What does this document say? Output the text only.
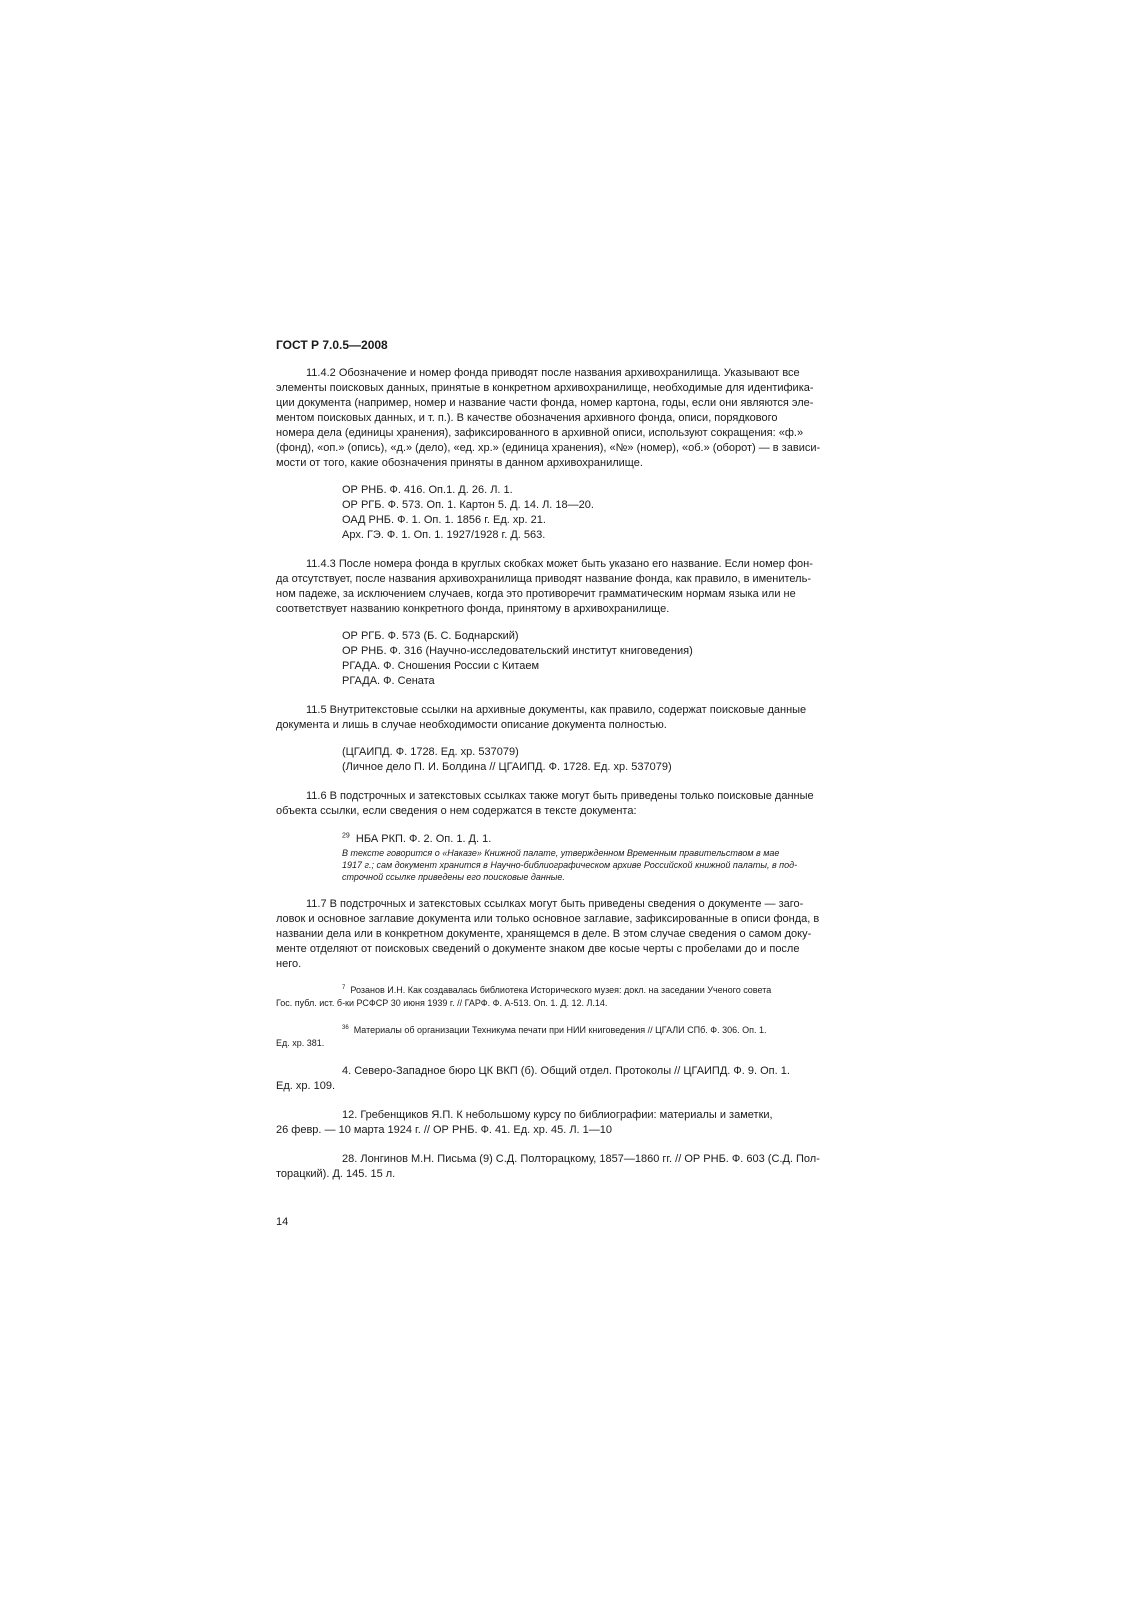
ГОСТ Р 7.0.5—2008

11.4.2 Обозначение и номер фонда приводят после названия архивохранилища. Указывают все
элементы поисковых данных, принятые в конкретном архивохранилище, необходимые для идентифика-
ции документа (например, номер и название части фонда, номер картона, годы, если они являются эле-
ментом поисковых данных, и т. п.). В качестве обозначения архивного фонда, описи, порядкового
номера дела (единицы хранения), зафиксированного в архивной описи, используют сокращения: «ф.»
(фонд), «оп.» (опись), «д.» (дело), «ед. хр.» (единица хранения), «№» (номер), «об.» (оборот) — в зависи-
мости от того, какие обозначения приняты в данном архивохранилище.

ОР РНБ. Ф. 416. Оп.1. Д. 26. Л. 1.
ОР РГБ. Ф. 573. Оп. 1. Картон 5. Д. 14. Л. 18—20.
ОАД РНБ. Ф. 1. Оп. 1. 1856 г. Ед. хр. 21.
Арх. ГЭ. Ф. 1. Оп. 1. 1927/1928 г. Д. 563.

11.4.3 После номера фонда в круглых скобках может быть указано его название. Если номер фон-
да отсутствует, после названия архивохранилища приводят название фонда, как правило, в именитель-
ном падеже, за исключением случаев, когда это противоречит грамматическим нормам языка или не
соответствует названию конкретного фонда, принятому в архивохранилище.

ОР РГБ. Ф. 573 (Б. С. Боднарский)
ОР РНБ. Ф. 316 (Научно-исследовательский институт книговедения)
РГАДА. Ф. Сношения России с Китаем
РГАДА. Ф. Сената

11.5 Внутритекстовые ссылки на архивные документы, как правило, содержат поисковые данные
документа и лишь в случае необходимости описание документа полностью.

(ЦГАИПД. Ф. 1728. Ед. хр. 537079)
(Личное дело П. И. Болдина // ЦГАИПД. Ф. 1728. Ед. хр. 537079)

11.6 В подстрочных и затекстовых ссылках также могут быть приведены только поисковые данные
объекта ссылки, если сведения о нем содержатся в тексте документа:

$^{29}$ НБА РКП. Ф. 2. Оп. 1. Д. 1.
В тексте говорится о «Наказе» Книжной палате, утвержденном Временным правительством в мае
1917 г.; сам документ хранится в Научно-библиографическом архиве Российской книжной палаты, в под-
строчной ссылке приведены его поисковые данные.

11.7 В подстрочных и затекстовых ссылках могут быть приведены сведения о документе — заго-
ловок и основное заглавие документа или только основное заглавие, зафиксированные в описи фонда, в
названии дела или в конкретном документе, хранящемся в деле. В этом случае сведения о самом доку-
менте отделяют от поисковых сведений о документе знаком две косые черты с пробелами до и после
него.

$^7$ Розанов И.Н. Как создавалась библиотека Исторического музея: докл. на заседании Ученого совета
Гос. публ. ист. б-ки РСФСР 30 июня 1939 г. // ГАРФ. Ф. А-513. Оп. 1. Д. 12. Л.14.

$^{36}$ Материалы об организации Техникума печати при НИИ книговедения // ЦГАЛИ СПб. Ф. 306. Оп. 1.
Ед. хр. 381.

4. Северо-Западное бюро ЦК ВКП (б). Общий отдел. Протоколы // ЦГАИПД. Ф. 9. Оп. 1.
Ед. хр. 109.

12. Гребенщиков Я.П. К небольшому курсу по библиографии: материалы и заметки,
26 февр. — 10 марта 1924 г. // ОР РНБ. Ф. 41. Ед. хр. 45. Л. 1—10

28. Лонгинов М.Н. Письма (9) С.Д. Полторацкому, 1857—1860 гг. // ОР РНБ. Ф. 603 (С.Д. Пол-
торацкий). Д. 145. 15 л.

14
